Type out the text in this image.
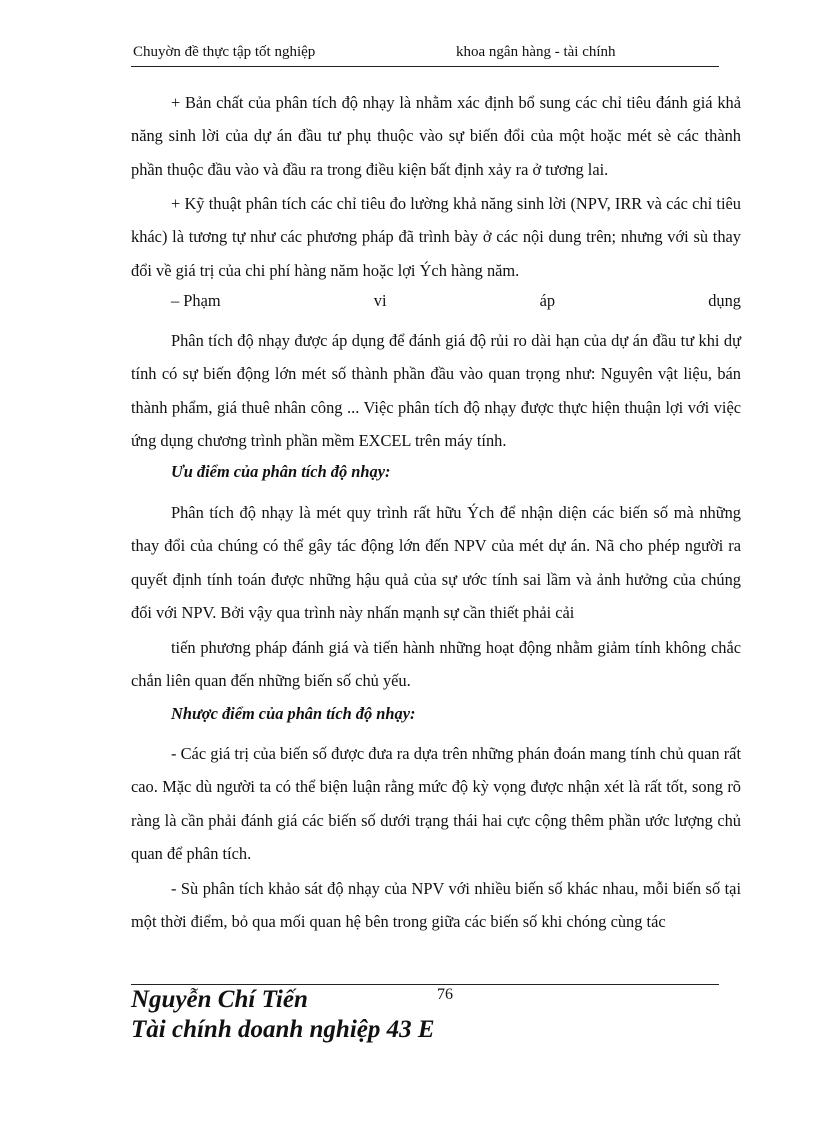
Chuyờn đề thực tập tốt nghiệp	khoa ngân hàng - tài chính

+ Bản chất của phân tích độ nhạy là nhằm xác định bổ sung các chỉ tiêu đánh giá khả năng sinh lời của dự án đầu tư phụ thuộc vào sự biến đổi của một hoặc mét sè các thành phần thuộc đầu vào và đầu ra trong điều kiện bất định xảy ra ở tương lai.

+ Kỹ thuật phân tích các chỉ tiêu đo lường khả năng sinh lời (NPV, IRR và các chỉ tiêu khác) là tương tự như các phương pháp đã trình bày ở các nội dung trên; nhưng với sù thay đổi về giá trị của chi phí hàng năm hoặc lợi Ých hàng năm.

– Phạm	vi	áp	dụng

Phân tích độ nhạy được áp dụng để đánh giá độ rủi ro dài hạn của dự án đầu tư khi dự tính có sự biến động lớn mét số thành phần đầu vào quan trọng như: Nguyên vật liệu, bán thành phẩm, giá thuê nhân công ... Việc phân tích độ nhạy được thực hiện thuận lợi với việc ứng dụng chương trình phần mềm EXCEL trên máy tính.

Ưu điểm của phân tích độ nhạy:

Phân tích độ nhạy là mét quy trình rất hữu Ých để nhận diện các biến số mà những thay đổi của chúng có thể gây tác động lớn đến NPV của mét dự án. Nã cho phép người ra quyết định tính toán được những hậu quả của sự ước tính sai lầm và ảnh hưởng của chúng đối với NPV. Bởi vậy qua trình này nhấn mạnh sự cần thiết phải cải

tiến phương pháp đánh giá và tiến hành những hoạt động nhằm giảm tính không chắc chắn liên quan đến những biến số chủ yếu.

Nhược điểm của phân tích độ nhạy:

- Các giá trị của biến số được đưa ra dựa trên những phán đoán mang tính chủ quan rất cao. Mặc dù người ta có thể biện luận rằng mức độ kỳ vọng được nhận xét là rất tốt, song rõ ràng là cần phải đánh giá các biến số dưới trạng thái hai cực cộng thêm phần ước lượng chủ quan để phân tích.

- Sù phân tích khảo sát độ nhạy của NPV với nhiều biến số khác nhau, mỗi biến số tại một thời điểm, bỏ qua mối quan hệ bên trong giữa các biến số khi chóng cùng tác

76
Nguyễn Chí Tiến
Tài chính doanh nghiệp 43 E
